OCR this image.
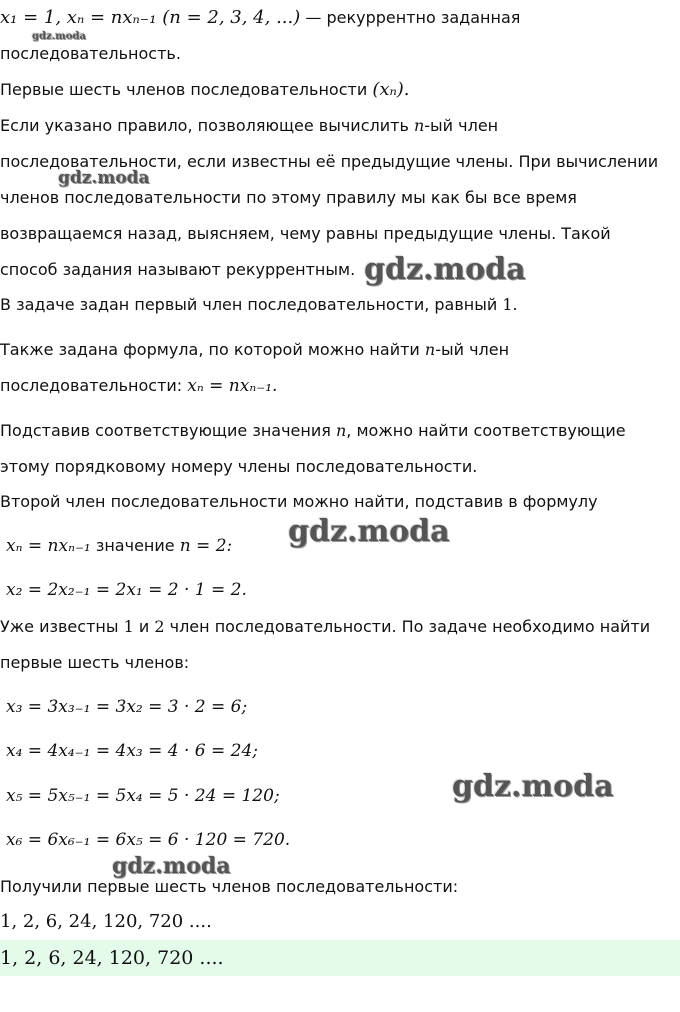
x₁ = 1, xₙ = nxₙ₋₁ (n = 2, 3, 4, ...) — рекуррентно заданная
последовательность.
Первые шесть членов последовательности (xₙ).
Если указано правило, позволяющее вычислить n-ый член
последовательности, если известны её предыдущие члены. При вычислении
членов последовательности по этому правилу мы как бы все время
возвращаемся назад, выясняем, чему равны предыдущие члены. Такой
способ задания называют рекуррентным.
В задаче задан первый член последовательности, равный 1.
Также задана формула, по которой можно найти n-ый член
последовательности: xₙ = nxₙ₋₁.
Подставив соответствующие значения n, можно найти соответствующие
этому порядковому номеру члены последовательности.
Второй член последовательности можно найти, подставив в формулу
xₙ = nxₙ₋₁ значение n = 2:
x₂ = 2x₂₋₁ = 2x₁ = 2 · 1 = 2.
Уже известны 1 и 2 член последовательности. По задаче необходимо найти
первые шесть членов:
x₃ = 3x₃₋₁ = 3x₂ = 3 · 2 = 6;
x₄ = 4x₄₋₁ = 4x₃ = 4 · 6 = 24;
x₅ = 5x₅₋₁ = 5x₄ = 5 · 24 = 120;
x₆ = 6x₆₋₁ = 6x₅ = 6 · 120 = 720.
Получили первые шесть членов последовательности:
1, 2, 6, 24, 120, 720 ....
1, 2, 6, 24, 120, 720 ....
gdz.moda
gdz.moda
gdz.moda
gdz.moda
gdz.moda
gdz.moda
